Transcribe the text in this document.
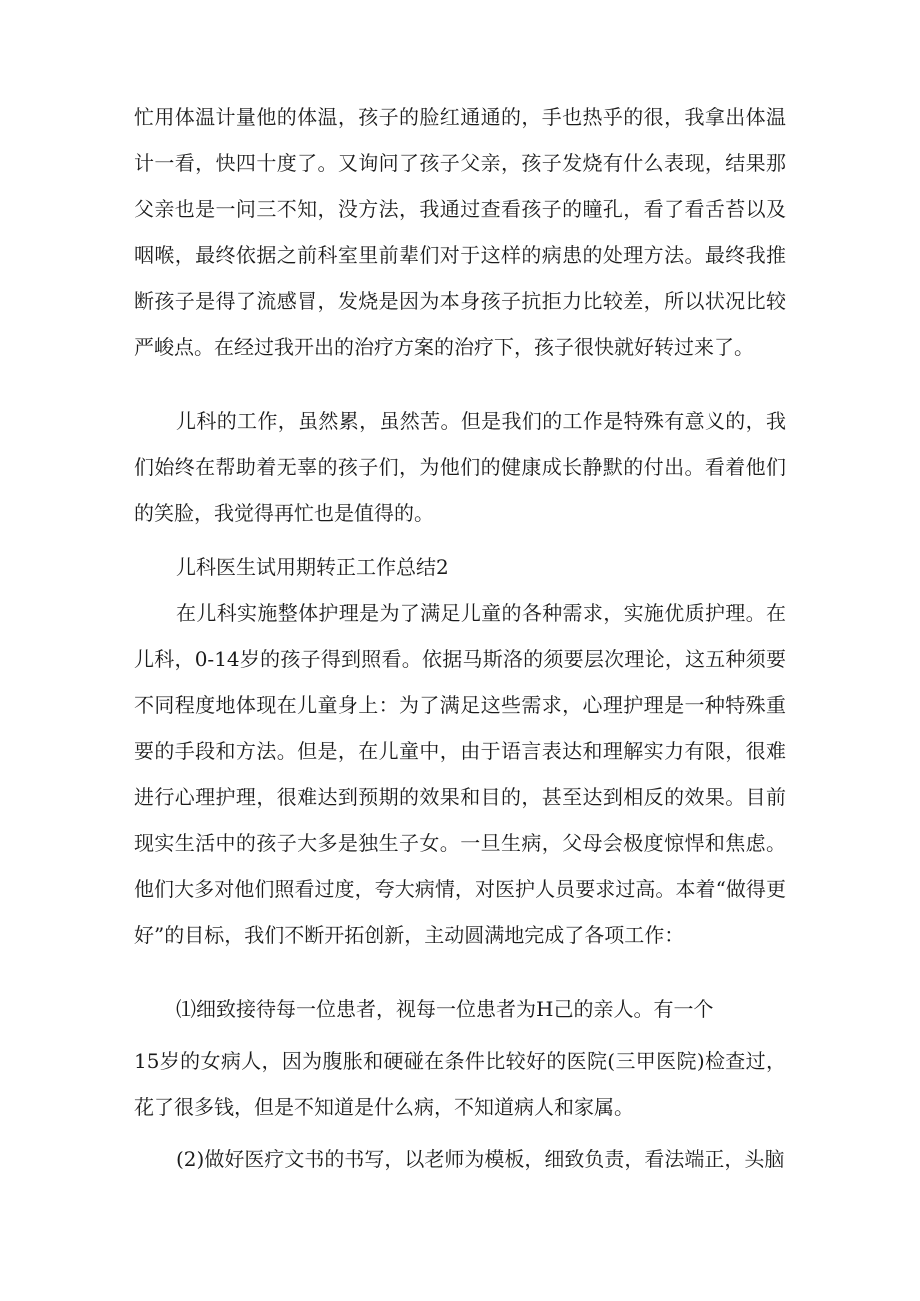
忙用体温计量他的体温，孩子的脸红通通的，手也热乎的很，我拿出体温计一看，快四十度了。又询问了孩子父亲，孩子发烧有什么表现，结果那父亲也是一问三不知，没方法，我通过查看孩子的瞳孔，看了看舌苔以及咽喉，最终依据之前科室里前辈们对于这样的病患的处理方法。最终我推断孩子是得了流感冒，发烧是因为本身孩子抗拒力比较差，所以状况比较严峻点。在经过我开出的治疗方案的治疗下，孩子很快就好转过来了。

儿科的工作，虽然累，虽然苦。但是我们的工作是特殊有意义的，我们始终在帮助着无辜的孩子们，为他们的健康成长静默的付出。看着他们的笑脸，我觉得再忙也是值得的。

儿科医生试用期转正工作总结2

在儿科实施整体护理是为了满足儿童的各种需求，实施优质护理。在儿科，0-14岁的孩子得到照看。依据马斯洛的须要层次理论，这五种须要不同程度地体现在儿童身上：为了满足这些需求，心理护理是一种特殊重要的手段和方法。但是，在儿童中，由于语言表达和理解实力有限，很难进行心理护理，很难达到预期的效果和目的，甚至达到相反的效果。目前现实生活中的孩子大多是独生子女。一旦生病，父母会极度惊悍和焦虑。他们大多对他们照看过度，夸大病情，对医护人员要求过高。本着“做得更好”的目标，我们不断开拓创新，主动圆满地完成了各项工作：

⑴细致接待每一位患者，视每一位患者为H己的亲人。有一个

15岁的女病人，因为腹胀和硬碰在条件比较好的医院(三甲医院)检查过，花了很多钱，但是不知道是什么病，不知道病人和家属。

(2)做好医疗文书的书写，以老师为模板，细致负责，看法端正，头脑
